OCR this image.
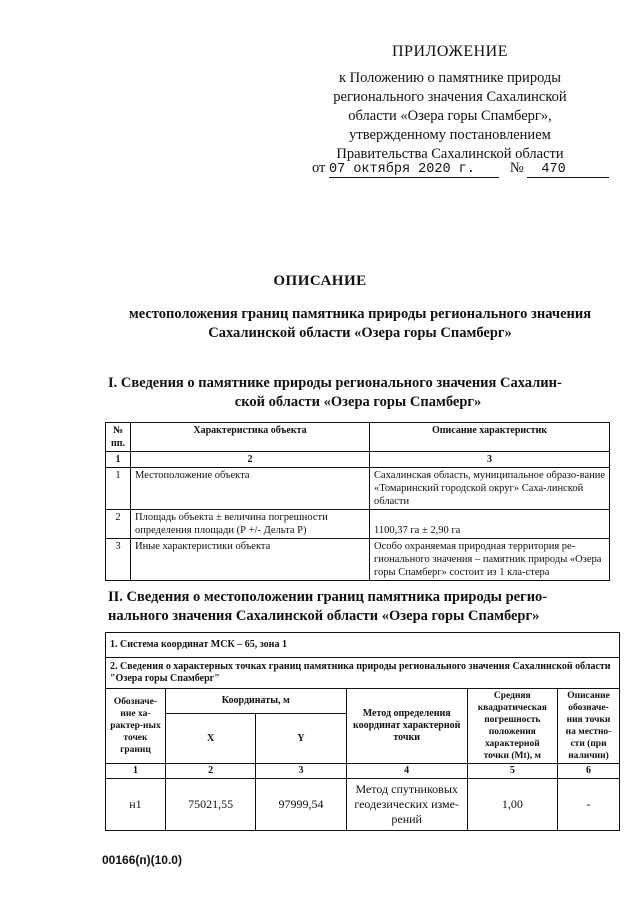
ПРИЛОЖЕНИЕ
к Положению о памятнике природы
регионального значения Сахалинской
области «Озера горы Спамберг»,
утвержденному постановлением
Правительства Сахалинской области
от 07 октября 2020 г. № 470
ОПИСАНИЕ
местоположения границ памятника природы регионального значения
Сахалинской области «Озера горы Спамберг»
I. Сведения о памятнике природы регионального значения Сахалин-
ской области «Озера горы Спамберг»
№ пп.	Характеристика объекта	Описание характеристик
1	2	3
1	Местоположение объекта	Сахалинская область, муниципальное образо-вание «Томаринский городской округ» Саха-линской области
2	Площадь объекта ± величина погрешности определения площади (Р +/- Дельта Р)	1100,37 га ± 2,90 га
3	Иные характеристики объекта	Особо охраняемая природная территория ре-гионального значения – памятник природы «Озера горы Спамберг» состоит из 1 кла-стера
II. Сведения о местоположении границ памятника природы регио-
нального значения Сахалинской области «Озера горы Спамберг»
1. Система координат МСК – 65, зона 1					
2. Сведения о характерных точках границ памятника природы регионального значения Сахалинской области "Озера горы Спамберг"					
Обозначе-ние ха-рактер-ных точек границ	Координаты, м		Метод определения координат характерной точки	Средняя квадратическая погрешность положения характерной точки (Mt), м	Описание обозначе-ния точки на местно-сти (при наличии)
	X	Y			
1	2	3	4	5	6
н1	75021,55	97999,54	Метод спутниковых геодезических изме-рений	1,00	-
00166(п)(10.0)
